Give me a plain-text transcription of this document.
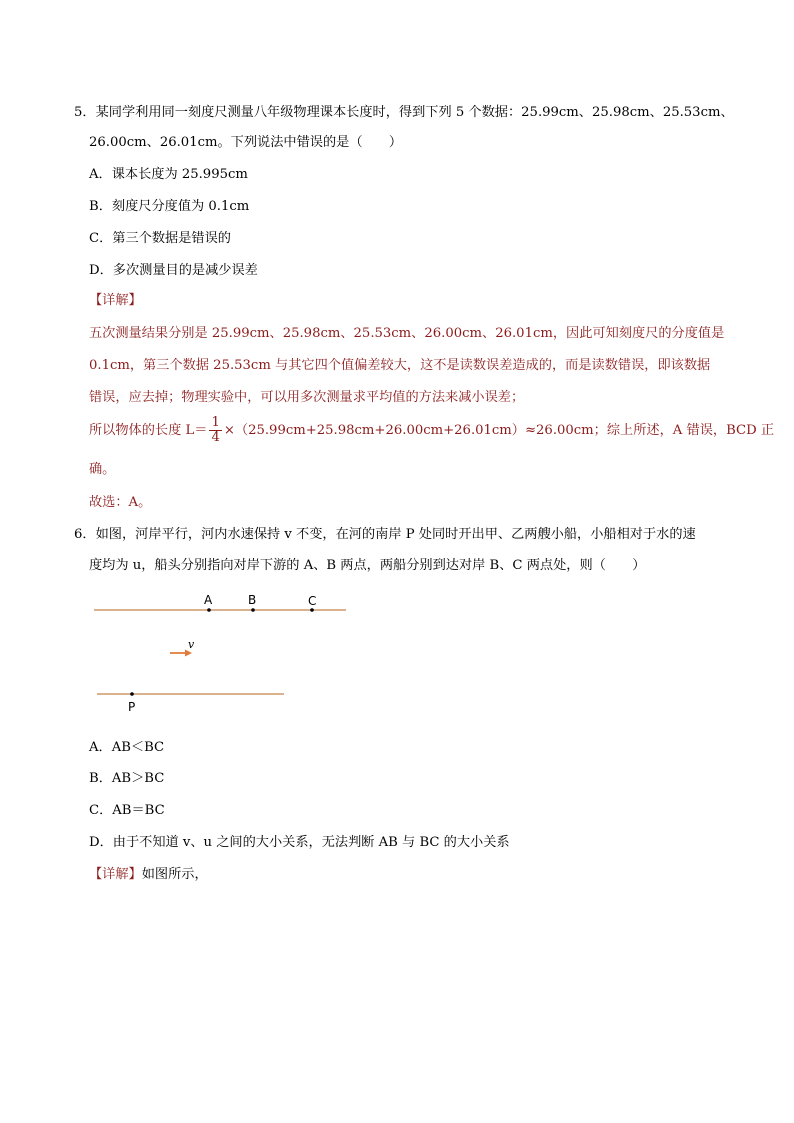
5．某同学利用同一刻度尺测量八年级物理课本长度时，得到下列 5 个数据：25.99cm、25.98cm、25.53cm、
26.00cm、26.01cm。下列说法中错误的是（　　）
A．课本长度为 25.995cm
B．刻度尺分度值为 0.1cm
C．第三个数据是错误的
D．多次测量目的是减少误差
【详解】
五次测量结果分别是 25.99cm、25.98cm、25.53cm、26.00cm、26.01cm，因此可知刻度尺的分度值是
0.1cm，第三个数据 25.53cm 与其它四个值偏差较大，这不是读数误差造成的，而是读数错误，即该数据
错误，应去掉；物理实验中，可以用多次测量求平均值的方法来减小误差；
所以物体的长度 $L= \frac{1}{4} \times(25.99cm+25.98cm+26.00cm+26.01cm)\approx 26.00cm$；综上所述，A 错误，BCD 正
确。
故选：A。
6．如图，河岸平行，河内水速保持 v 不变，在河的南岸 P 处同时开出甲、乙两艘小船，小船相对于水的速
度均为 u，船头分别指向对岸下游的 A、B 两点，两船分别到达对岸 B、C 两点处，则（　　）
A	B	C
v
P
A．AB＜BC
B．AB＞BC
C．AB＝BC
D．由于不知道 v、u 之间的大小关系，无法判断 AB 与 BC 的大小关系
【详解】如图所示，
